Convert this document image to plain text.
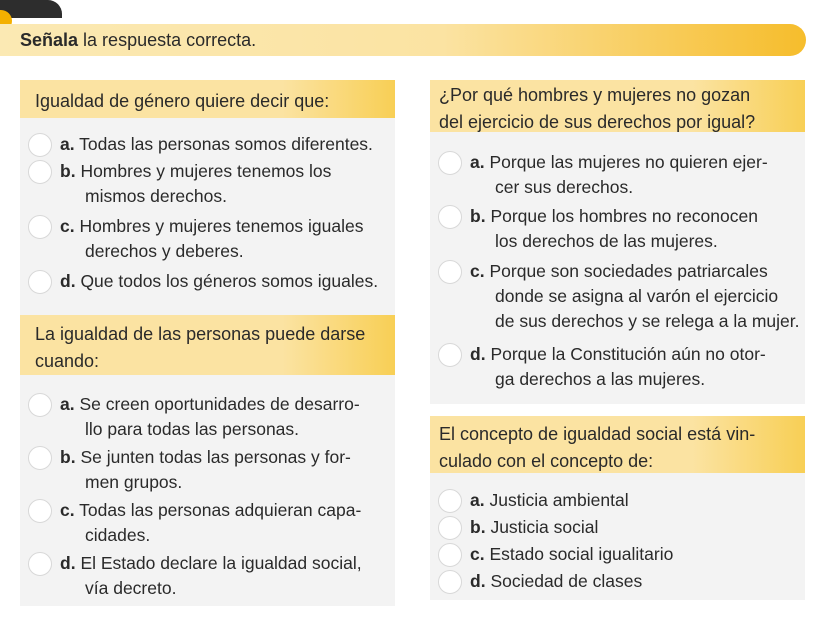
Señala la respuesta correcta.
Igualdad de género quiere decir que:
a. Todas las personas somos diferentes.
b. Hombres y mujeres tenemos los
mismos derechos.
c. Hombres y mujeres tenemos iguales
derechos y deberes.
d. Que todos los géneros somos iguales.
La igualdad de las personas puede darse
cuando:
a. Se creen oportunidades de desarro-
llo para todas las personas.
b. Se junten todas las personas y for-
men grupos.
c. Todas las personas adquieran capa-
cidades.
d. El Estado declare la igualdad social,
vía decreto.
¿Por qué hombres y mujeres no gozan
del ejercicio de sus derechos por igual?
a. Porque las mujeres no quieren ejer-
cer sus derechos.
b. Porque los hombres no reconocen
los derechos de las mujeres.
c. Porque son sociedades patriarcales
donde se asigna al varón el ejercicio
de sus derechos y se relega a la mujer.
d. Porque la Constitución aún no otor-
ga derechos a las mujeres.
El concepto de igualdad social está vin-
culado con el concepto de:
a. Justicia ambiental
b. Justicia social
c. Estado social igualitario
d. Sociedad de clases
